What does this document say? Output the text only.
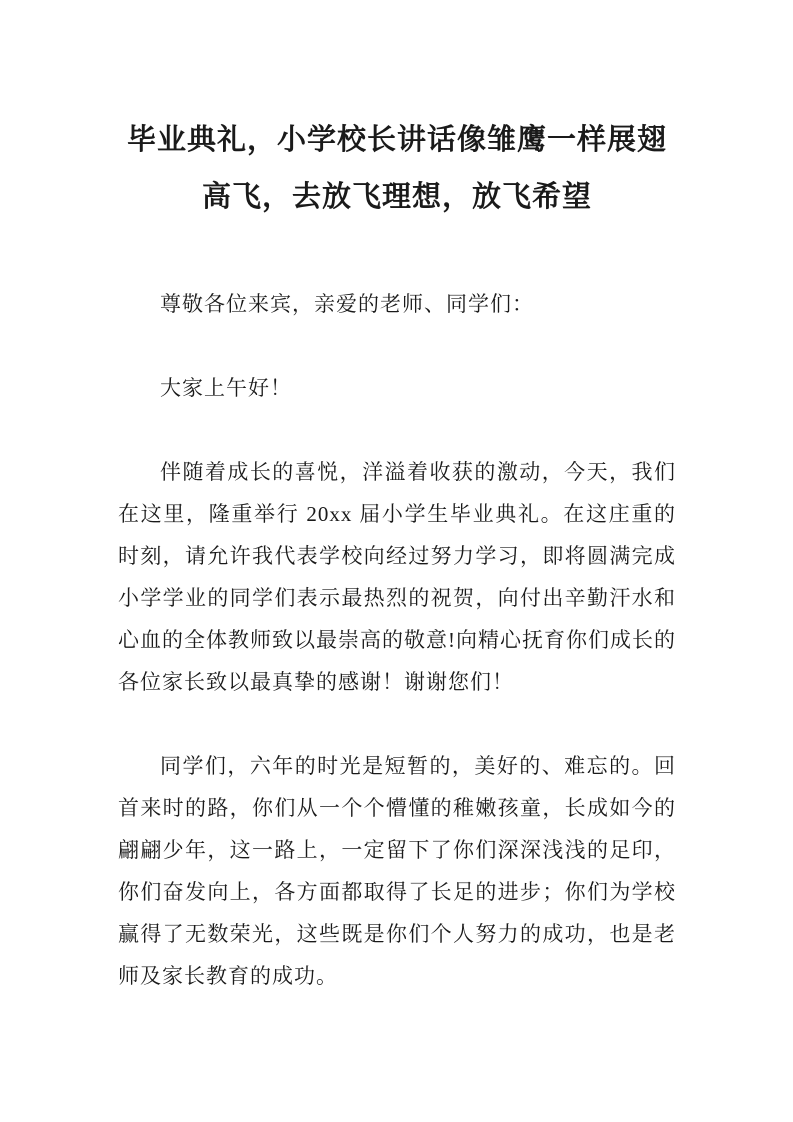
毕业典礼，小学校长讲话像雏鹰一样展翅高飞，去放飞理想，放飞希望

尊敬各位来宾，亲爱的老师、同学们：

大家上午好！

伴随着成长的喜悦，洋溢着收获的激动，今天，我们在这里，隆重举行 20xx 届小学生毕业典礼。在这庄重的时刻，请允许我代表学校向经过努力学习，即将圆满完成小学学业的同学们表示最热烈的祝贺，向付出辛勤汗水和心血的全体教师致以最崇高的敬意!向精心抚育你们成长的各位家长致以最真挚的感谢！谢谢您们！

同学们，六年的时光是短暂的，美好的、难忘的。回首来时的路，你们从一个个懵懂的稚嫩孩童，长成如今的翩翩少年，这一路上，一定留下了你们深深浅浅的足印，你们奋发向上，各方面都取得了长足的进步；你们为学校赢得了无数荣光，这些既是你们个人努力的成功，也是老师及家长教育的成功。
